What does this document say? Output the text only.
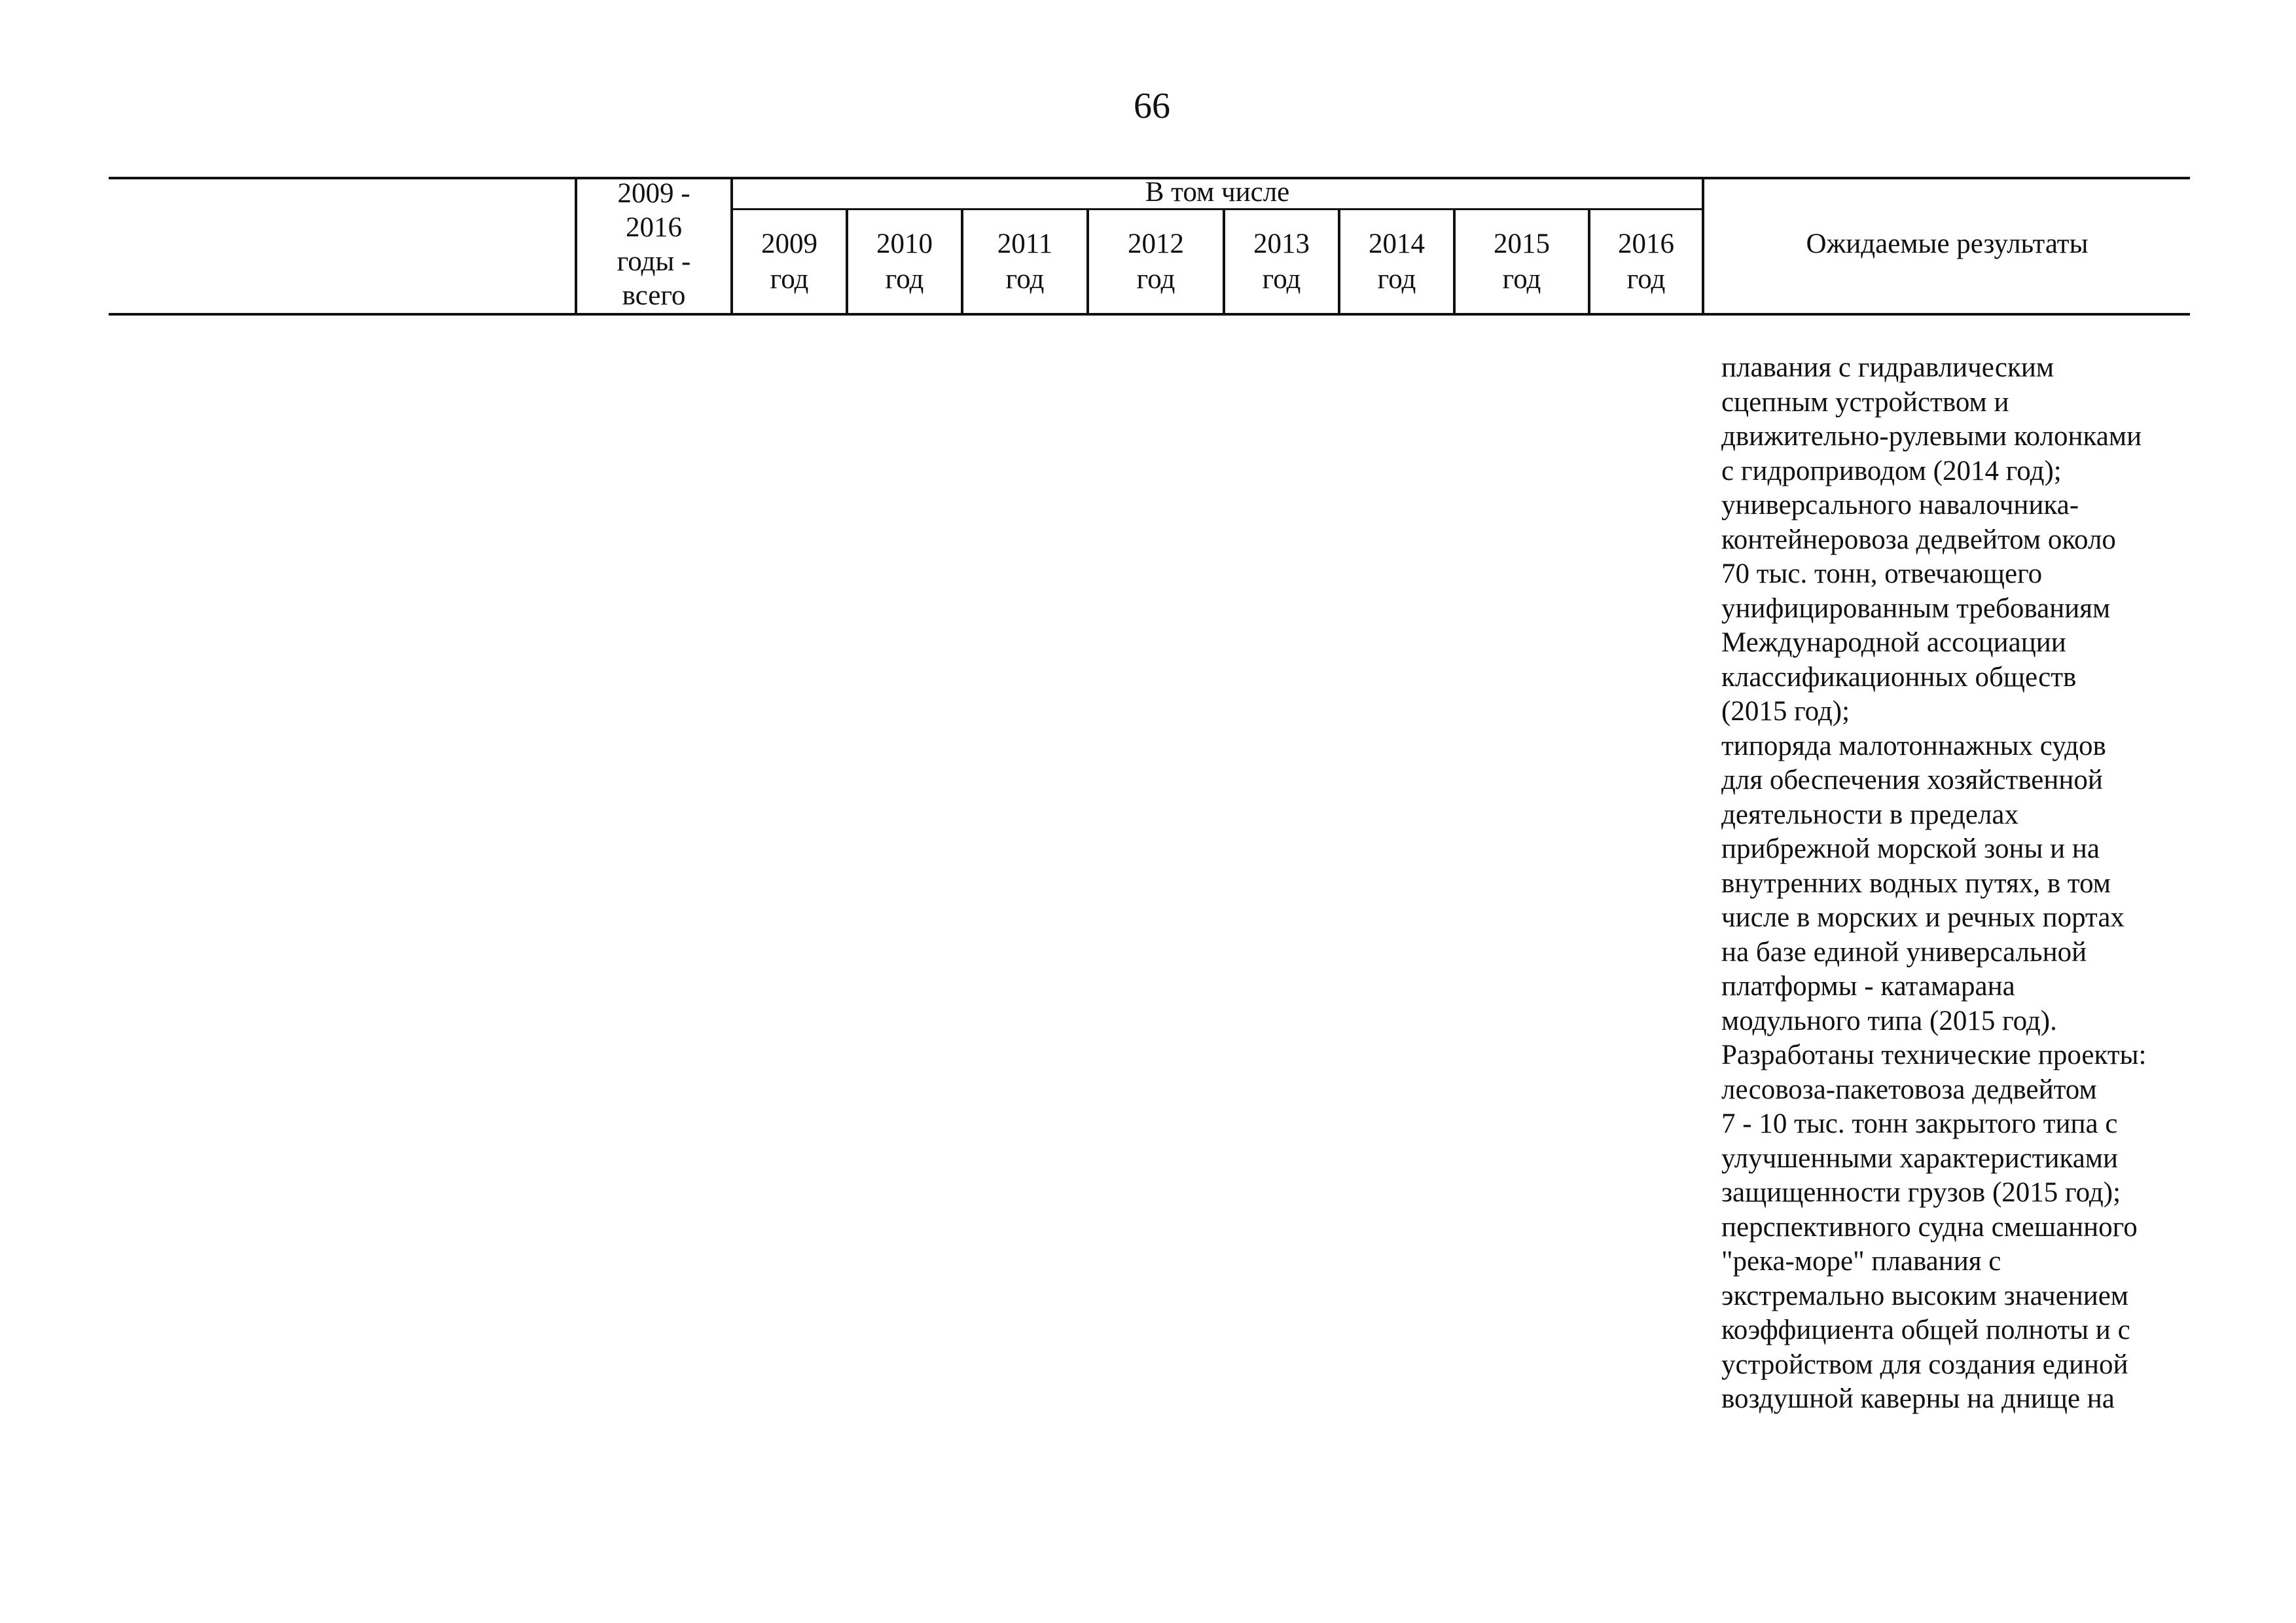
66
2009 -
2016
годы -
всего
В том числе
2009
год
2010
год
2011
год
2012
год
2013
год
2014
год
2015
год
2016
год
Ожидаемые результаты
плавания с гидравлическим
сцепным устройством и
движительно-рулевыми колонками
с гидроприводом (2014 год);
универсального навалочника-
контейнеровоза дедвейтом около
70 тыс. тонн, отвечающего
унифицированным требованиям
Международной ассоциации
классификационных обществ
(2015 год);
типоряда малотоннажных судов
для обеспечения хозяйственной
деятельности в пределах
прибрежной морской зоны и на
внутренних водных путях, в том
числе в морских и речных портах
на базе единой универсальной
платформы - катамарана
модульного типа (2015 год).
Разработаны технические проекты:
лесовоза-пакетовоза дедвейтом
7 - 10 тыс. тонн закрытого типа с
улучшенными характеристиками
защищенности грузов (2015 год);
перспективного судна смешанного
"река-море" плавания с
экстремально высоким значением
коэффициента общей полноты и с
устройством для создания единой
воздушной каверны на днище на
